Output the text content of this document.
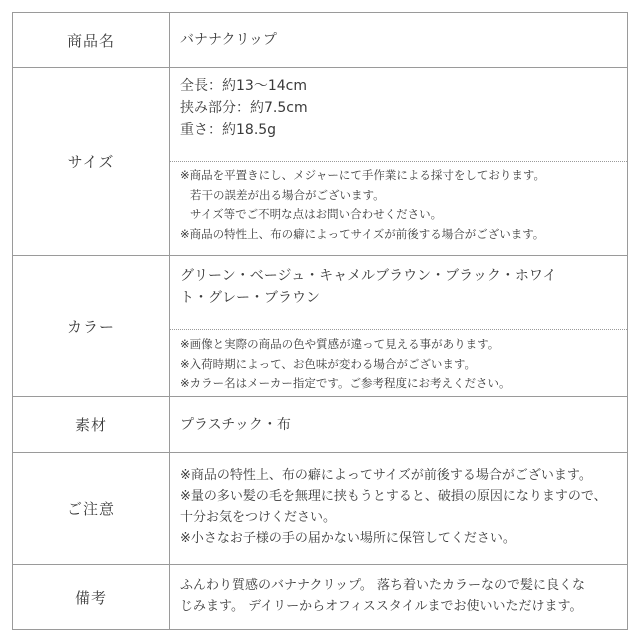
商品名	バナナクリップ
サイズ
全長：約13〜14cm
挟み部分：約7.5cm
重さ：約18.5g
※商品を平置きにし、メジャーにて手作業による採寸をしております。
若干の誤差が出る場合がございます。
サイズ等でご不明な点はお問い合わせください。
※商品の特性上、布の癖によってサイズが前後する場合がございます。
カラー
グリーン・ベージュ・キャメルブラウン・ブラック・ホワイ
ト・グレー・ブラウン
※画像と実際の商品の色や質感が違って見える事があります。
※入荷時期によって、お色味が変わる場合がございます。
※カラー名はメーカー指定です。ご参考程度にお考えください。
素材	プラスチック・布
ご注意
※商品の特性上、布の癖によってサイズが前後する場合がございます。
※量の多い髪の毛を無理に挟もうとすると、破損の原因になりますので、
十分お気をつけください。
※小さなお子様の手の届かない場所に保管してください。
備考
ふんわり質感のバナナクリップ。 落ち着いたカラーなので髪に良くな
じみます。 デイリーからオフィススタイルまでお使いいただけます。
